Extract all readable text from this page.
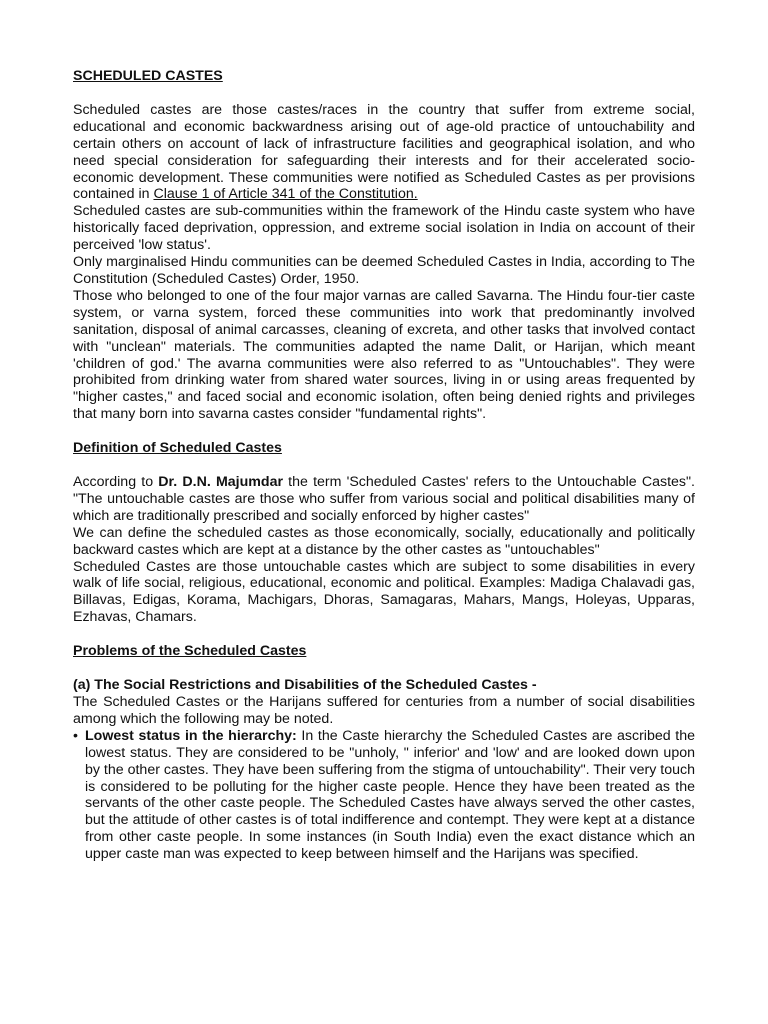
SCHEDULED CASTES

Scheduled castes are those castes/races in the country that suffer from extreme social, educational and economic backwardness arising out of age-old practice of untouchability and certain others on account of lack of infrastructure facilities and geographical isolation, and who need special consideration for safeguarding their interests and for their accelerated socio-economic development. These communities were notified as Scheduled Castes as per provisions contained in Clause 1 of Article 341 of the Constitution.

Scheduled castes are sub-communities within the framework of the Hindu caste system who have historically faced deprivation, oppression, and extreme social isolation in India on account of their perceived 'low status'.

Only marginalised Hindu communities can be deemed Scheduled Castes in India, according to The Constitution (Scheduled Castes) Order, 1950.

Those who belonged to one of the four major varnas are called Savarna. The Hindu four-tier caste system, or varna system, forced these communities into work that predominantly involved sanitation, disposal of animal carcasses, cleaning of excreta, and other tasks that involved contact with "unclean" materials. The communities adapted the name Dalit, or Harijan, which meant 'children of god.' The avarna communities were also referred to as "Untouchables". They were prohibited from drinking water from shared water sources, living in or using areas frequented by "higher castes," and faced social and economic isolation, often being denied rights and privileges that many born into savarna castes consider "fundamental rights".

Definition of Scheduled Castes

According to Dr. D.N. Majumdar the term 'Scheduled Castes' refers to the Untouchable Castes". "The untouchable castes are those who suffer from various social and political disabilities many of which are traditionally prescribed and socially enforced by higher castes"

We can define the scheduled castes as those economically, socially, educationally and politically backward castes which are kept at a distance by the other castes as "untouchables"

Scheduled Castes are those untouchable castes which are subject to some disabilities in every walk of life social, religious, educational, economic and political. Examples: Madiga Chalavadi gas, Billavas, Edigas, Korama, Machigars, Dhoras, Samagaras, Mahars, Mangs, Holeyas, Upparas, Ezhavas, Chamars.

Problems of the Scheduled Castes
(a) The Social Restrictions and Disabilities of the Scheduled Castes -

The Scheduled Castes or the Harijans suffered for centuries from a number of social disabilities among which the following may be noted.

• Lowest status in the hierarchy: In the Caste hierarchy the Scheduled Castes are ascribed the lowest status. They are considered to be "unholy, " inferior' and 'low' and are looked down upon by the other castes. They have been suffering from the stigma of untouchability". Their very touch is considered to be polluting for the higher caste people. Hence they have been treated as the servants of the other caste people. The Scheduled Castes have always served the other castes, but the attitude of other castes is of total indifference and contempt. They were kept at a distance from other caste people. In some instances (in South India) even the exact distance which an upper caste man was expected to keep between himself and the Harijans was specified.
